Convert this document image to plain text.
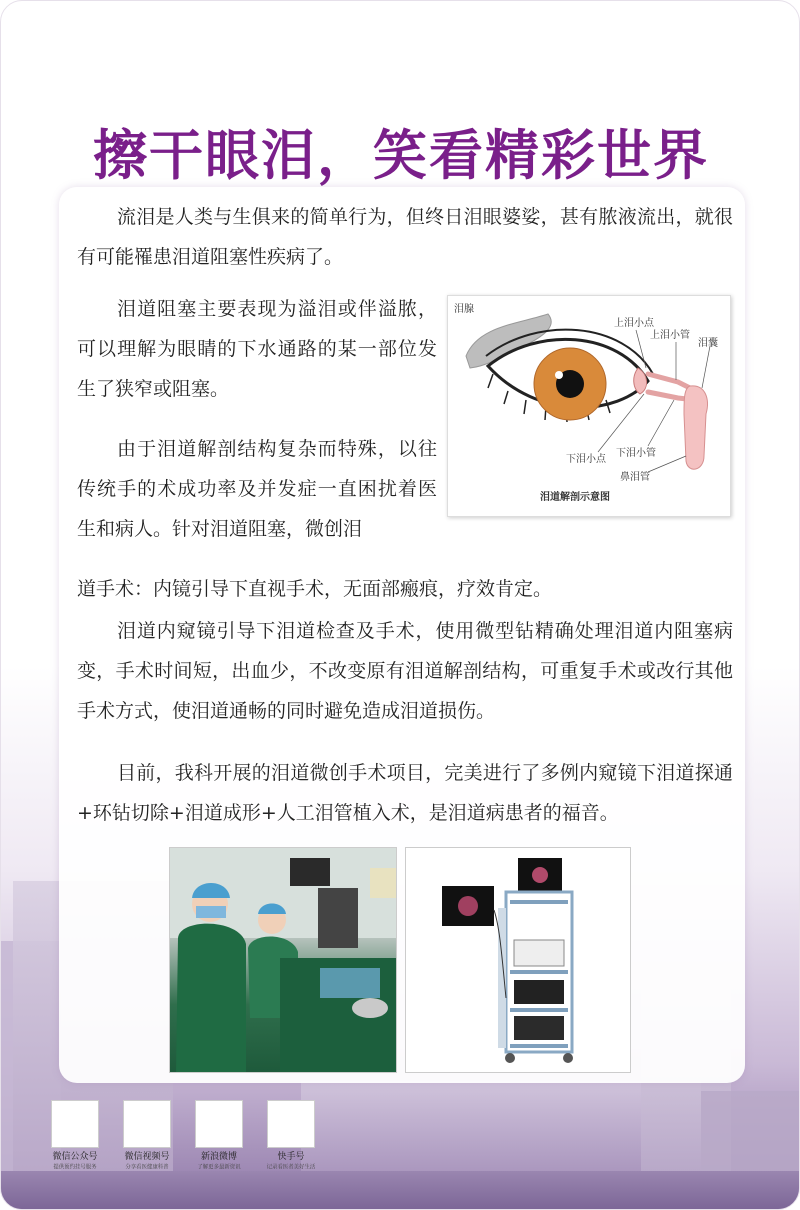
擦干眼泪，笑看精彩世界

流泪是人类与生俱来的简单行为，但终日泪眼婆娑，甚有脓液流出，就很有可能罹患泪道阻塞性疾病了。

泪道阻塞主要表现为溢泪或伴溢脓，可以理解为眼睛的下水通路的某一部位发生了狭窄或阻塞。

由于泪道解剖结构复杂而特殊，以往传统手的术成功率及并发症一直困扰着医生和病人。针对泪道阻塞，微创泪

道手术：内镜引导下直视手术，无面部瘢痕，疗效肯定。

泪道内窥镜引导下泪道检查及手术，使用微型钻精确处理泪道内阻塞病变，手术时间短，出血少，不改变原有泪道解剖结构，可重复手术或改行其他手术方式，使泪道通畅的同时避免造成泪道损伤。

目前，我科开展的泪道微创手术项目，完美进行了多例内窥镜下泪道探通+环钻切除+泪道成形+人工泪管植入术，是泪道病患者的福音。

泪腺
上泪小点
上泪小管
泪囊
下泪小点
下泪小管
鼻泪管
泪道解剖示意图
微信公众号
提供预约挂号服务
微信视频号
分享看医健康科普
新浪微博
了解更多最新资讯
快手号
记录看医者美好生活
